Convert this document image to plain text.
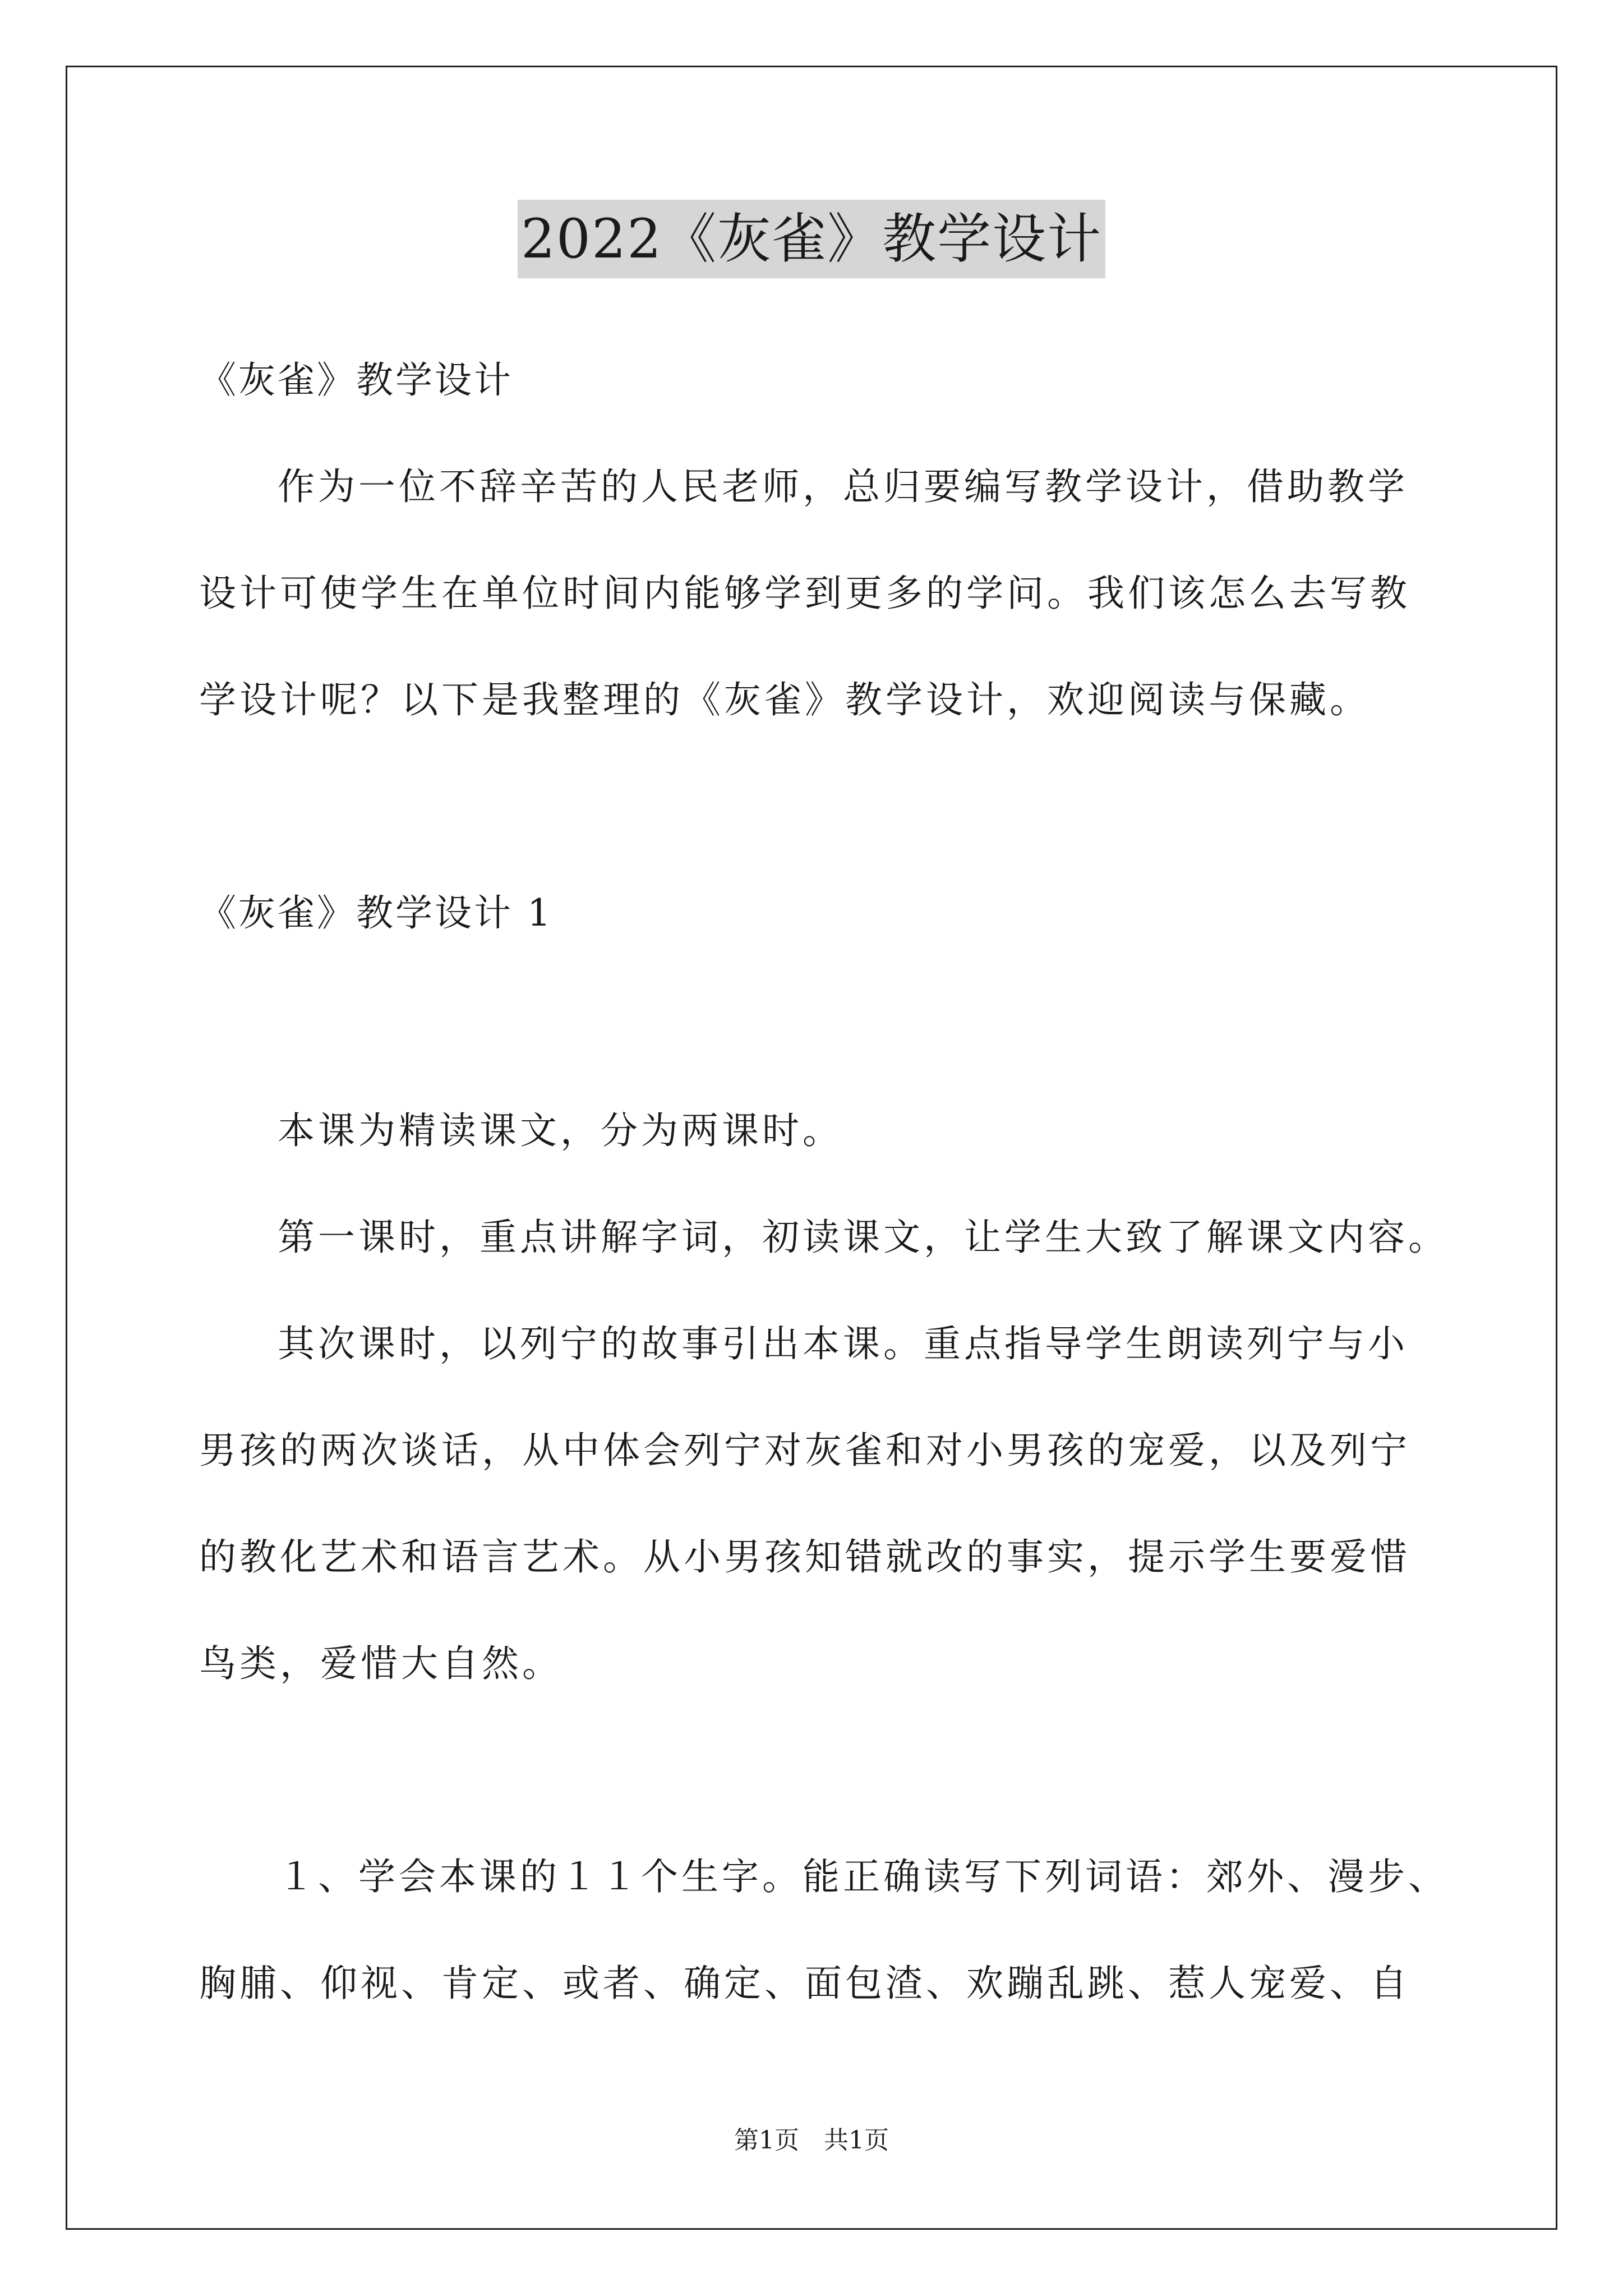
2022《灰雀》教学设计
《灰雀》教学设计
作为一位不辞辛苦的人民老师，总归要编写教学设计，借助教学
设计可使学生在单位时间内能够学到更多的学问。我们该怎么去写教
学设计呢？以下是我整理的《灰雀》教学设计，欢迎阅读与保藏。
《灰雀》教学设计 1
本课为精读课文，分为两课时。
第一课时，重点讲解字词，初读课文，让学生大致了解课文内容。
其次课时，以列宁的故事引出本课。重点指导学生朗读列宁与小
男孩的两次谈话，从中体会列宁对灰雀和对小男孩的宠爱，以及列宁
的教化艺术和语言艺术。从小男孩知错就改的事实，提示学生要爱惜
鸟类，爱惜大自然。
１、学会本课的１１个生字。能正确读写下列词语：郊外、漫步、
胸脯、仰视、肯定、或者、确定、面包渣、欢蹦乱跳、惹人宠爱、自
第1页　共1页
